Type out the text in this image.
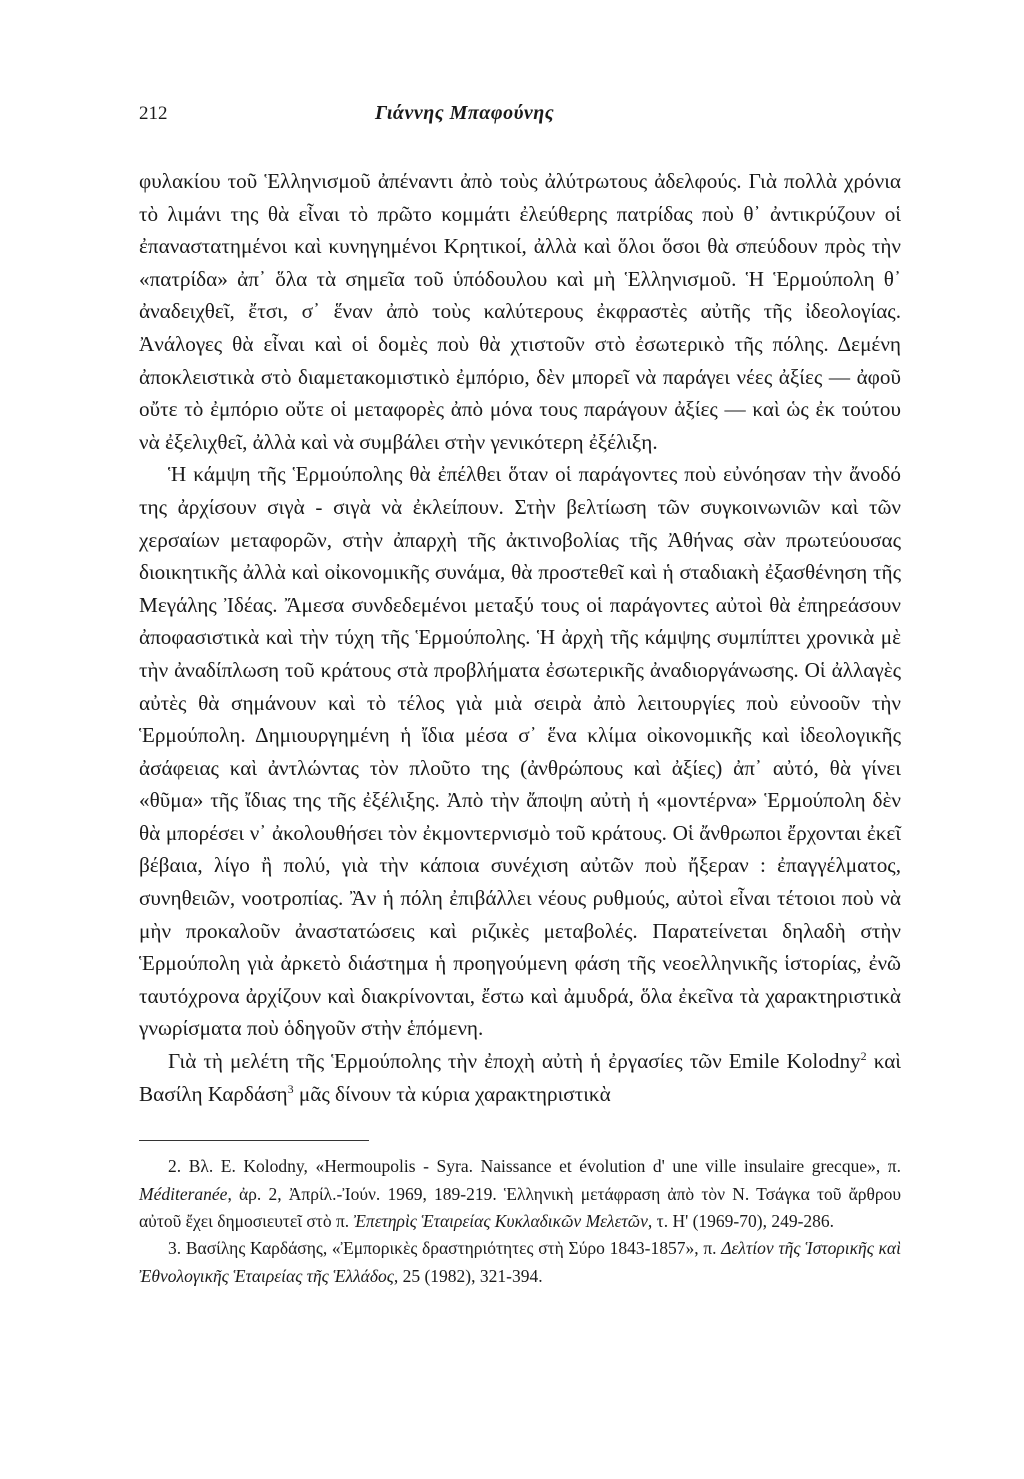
212	Γιάννης Μπαφούνης

φυλακίου τοῦ Ἑλληνισμοῦ ἀπέναντι ἀπὸ τοὺς ἀλύτρωτους ἀδελφούς. Γιὰ πολλὰ χρόνια τὸ λιμάνι της θὰ εἶναι τὸ πρῶτο κομμάτι ἐλεύθερης πατρίδας ποὺ θ᾿ ἀντικρύζουν οἱ ἐπαναστατημένοι καὶ κυνηγημένοι Κρητικοί, ἀλλὰ καὶ ὅλοι ὅσοι θὰ σπεύδουν πρὸς τὴν «πατρίδα» ἀπ᾿ ὅλα τὰ σημεῖα τοῦ ὑπόδουλου καὶ μὴ Ἑλληνισμοῦ. Ἡ Ἑρμούπολη θ᾿ ἀναδειχθεῖ, ἔτσι, σ᾿ ἕναν ἀπὸ τοὺς καλύτερους ἐκφραστὲς αὐτῆς τῆς ἰδεολογίας. Ἀνάλογες θὰ εἶναι καὶ οἱ δομὲς ποὺ θὰ χτιστοῦν στὸ ἐσωτερικὸ τῆς πόλης. Δεμένη ἀποκλειστικὰ στὸ διαμετακομιστικὸ ἐμπόριο, δὲν μπορεῖ νὰ παράγει νέες ἀξίες — ἀφοῦ οὔτε τὸ ἐμπόριο οὔτε οἱ μεταφορὲς ἀπὸ μόνα τους παράγουν ἀξίες — καὶ ὡς ἐκ τούτου νὰ ἐξελιχθεῖ, ἀλλὰ καὶ νὰ συμβάλει στὴν γενικότερη ἐξέλιξη.

Ἡ κάμψη τῆς Ἑρμούπολης θὰ ἐπέλθει ὅταν οἱ παράγοντες ποὺ εὐνόησαν τὴν ἄνοδό της ἀρχίσουν σιγὰ - σιγὰ νὰ ἐκλείπουν. Στὴν βελτίωση τῶν συγκοινωνιῶν καὶ τῶν χερσαίων μεταφορῶν, στὴν ἀπαρχὴ τῆς ἀκτινοβολίας τῆς Ἀθήνας σὰν πρωτεύουσας διοικητικῆς ἀλλὰ καὶ οἰκονομικῆς συνάμα, θὰ προστεθεῖ καὶ ἡ σταδιακὴ ἐξασθένηση τῆς Μεγάλης Ἰδέας. Ἄμεσα συνδεδεμένοι μεταξύ τους οἱ παράγοντες αὐτοὶ θὰ ἐπηρεάσουν ἀποφασιστικὰ καὶ τὴν τύχη τῆς Ἑρμούπολης. Ἡ ἀρχὴ τῆς κάμψης συμπίπτει χρονικὰ μὲ τὴν ἀναδίπλωση τοῦ κράτους στὰ προβλήματα ἐσωτερικῆς ἀναδιοργάνωσης. Οἱ ἀλλαγὲς αὐτὲς θὰ σημάνουν καὶ τὸ τέλος γιὰ μιὰ σειρὰ ἀπὸ λειτουργίες ποὺ εὐνοοῦν τὴν Ἑρμούπολη. Δημιουργημένη ἡ ἴδια μέσα σ᾿ ἕνα κλίμα οἰκονομικῆς καὶ ἰδεολογικῆς ἀσάφειας καὶ ἀντλώντας τὸν πλοῦτο της (ἀνθρώπους καὶ ἀξίες) ἀπ᾿ αὐτό, θὰ γίνει «θῦμα» τῆς ἴδιας της τῆς ἐξέλιξης. Ἀπὸ τὴν ἄποψη αὐτὴ ἡ «μοντέρνα» Ἑρμούπολη δὲν θὰ μπορέσει ν᾿ ἀκολουθήσει τὸν ἐκμοντερνισμὸ τοῦ κράτους. Οἱ ἄνθρωποι ἔρχονται ἐκεῖ βέβαια, λίγο ἢ πολύ, γιὰ τὴν κάποια συνέχιση αὐτῶν ποὺ ἤξεραν : ἐπαγγέλματος, συνηθειῶν, νοοτροπίας. Ἂν ἡ πόλη ἐπιβάλλει νέους ρυθμούς, αὐτοὶ εἶναι τέτοιοι ποὺ νὰ μὴν προκαλοῦν ἀναστατώσεις καὶ ριζικὲς μεταβολές. Παρατείνεται δηλαδὴ στὴν Ἑρμούπολη γιὰ ἀρκετὸ διάστημα ἡ προηγούμενη φάση τῆς νεοελληνικῆς ἱστορίας, ἐνῶ ταυτόχρονα ἀρχίζουν καὶ διακρίνονται, ἔστω καὶ ἀμυδρά, ὅλα ἐκεῖνα τὰ χαρακτηριστικὰ γνωρίσματα ποὺ ὁδηγοῦν στὴν ἑπόμενη.

Γιὰ τὴ μελέτη τῆς Ἑρμούπολης τὴν ἐποχὴ αὐτὴ ἡ ἐργασίες τῶν Emile Kolodny$^2$ καὶ Βασίλη Καρδάση$^3$ μᾶς δίνουν τὰ κύρια χαρακτηριστικὰ

2. Βλ. Ε. Kolodny, «Hermoupolis - Syra. Naissance et évolution d' une ville insulaire grecque», π. Méditeranée, ἀρ. 2, Ἀπρίλ.-Ἰούν. 1969, 189-219. Ἑλληνικὴ μετάφραση ἀπὸ τὸν Ν. Τσάγκα τοῦ ἄρθρου αὐτοῦ ἔχει δημοσιευτεῖ στὸ π. Ἐπετηρὶς Ἑταιρείας Κυκλαδικῶν Μελετῶν, τ. Η' (1969-70), 249-286.

3. Βασίλης Καρδάσης, «Ἐμπορικὲς δραστηριότητες στὴ Σύρο 1843-1857», π. Δελτίον τῆς Ἱστορικῆς καὶ Ἐθνολογικῆς Ἑταιρείας τῆς Ἑλλάδος, 25 (1982), 321-394.
